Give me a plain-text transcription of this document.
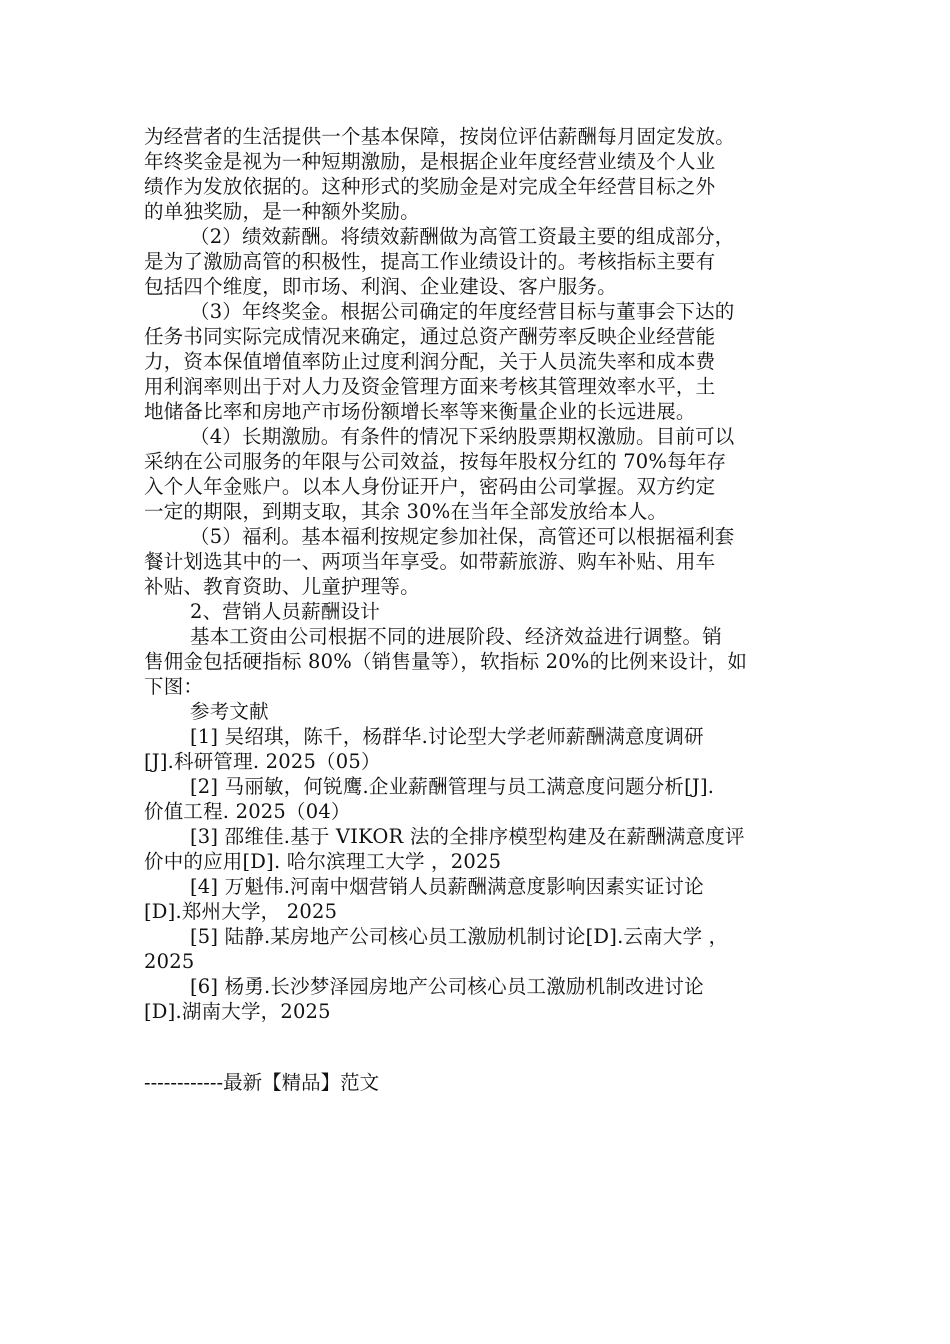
为经营者的生活提供一个基本保障，按岗位评估薪酬每月固定发放。
年终奖金是视为一种短期激励，是根据企业年度经营业绩及个人业
绩作为发放依据的。这种形式的奖励金是对完成全年经营目标之外
的单独奖励，是一种额外奖励。
（2）绩效薪酬。将绩效薪酬做为高管工资最主要的组成部分，
是为了激励高管的积极性，提高工作业绩设计的。考核指标主要有
包括四个维度，即市场、利润、企业建设、客户服务。
（3）年终奖金。根据公司确定的年度经营目标与董事会下达的
任务书同实际完成情况来确定，通过总资产酬劳率反映企业经营能
力，资本保值增值率防止过度利润分配，关于人员流失率和成本费
用利润率则出于对人力及资金管理方面来考核其管理效率水平，土
地储备比率和房地产市场份额增长率等来衡量企业的长远进展。
（4）长期激励。有条件的情况下采纳股票期权激励。目前可以
采纳在公司服务的年限与公司效益，按每年股权分红的 70%每年存
入个人年金账户。以本人身份证开户，密码由公司掌握。双方约定
一定的期限，到期支取，其余 30%在当年全部发放给本人。
（5）福利。基本福利按规定参加社保，高管还可以根据福利套
餐计划选其中的一、两项当年享受。如带薪旅游、购车补贴、用车
补贴、教育资助、儿童护理等。
2、营销人员薪酬设计
基本工资由公司根据不同的进展阶段、经济效益进行调整。销
售佣金包括硬指标 80%（销售量等），软指标 20%的比例来设计，如
下图：
参考文献
[1] 吴绍琪，陈千，杨群华.讨论型大学老师薪酬满意度调研
[J].科研管理. 2025（05）
[2] 马丽敏，何锐鹰.企业薪酬管理与员工满意度问题分析[J].
价值工程. 2025（04）
[3] 邵维佳.基于 VIKOR 法的全排序模型构建及在薪酬满意度评
价中的应用[D]. 哈尔滨理工大学 ，2025
[4] 万魁伟.河南中烟营销人员薪酬满意度影响因素实证讨论
[D].郑州大学， 2025
[5] 陆静.某房地产公司核心员工激励机制讨论[D].云南大学 ，
2025
[6] 杨勇.长沙梦泽园房地产公司核心员工激励机制改进讨论
[D].湖南大学，2025
------------最新【精品】范文
